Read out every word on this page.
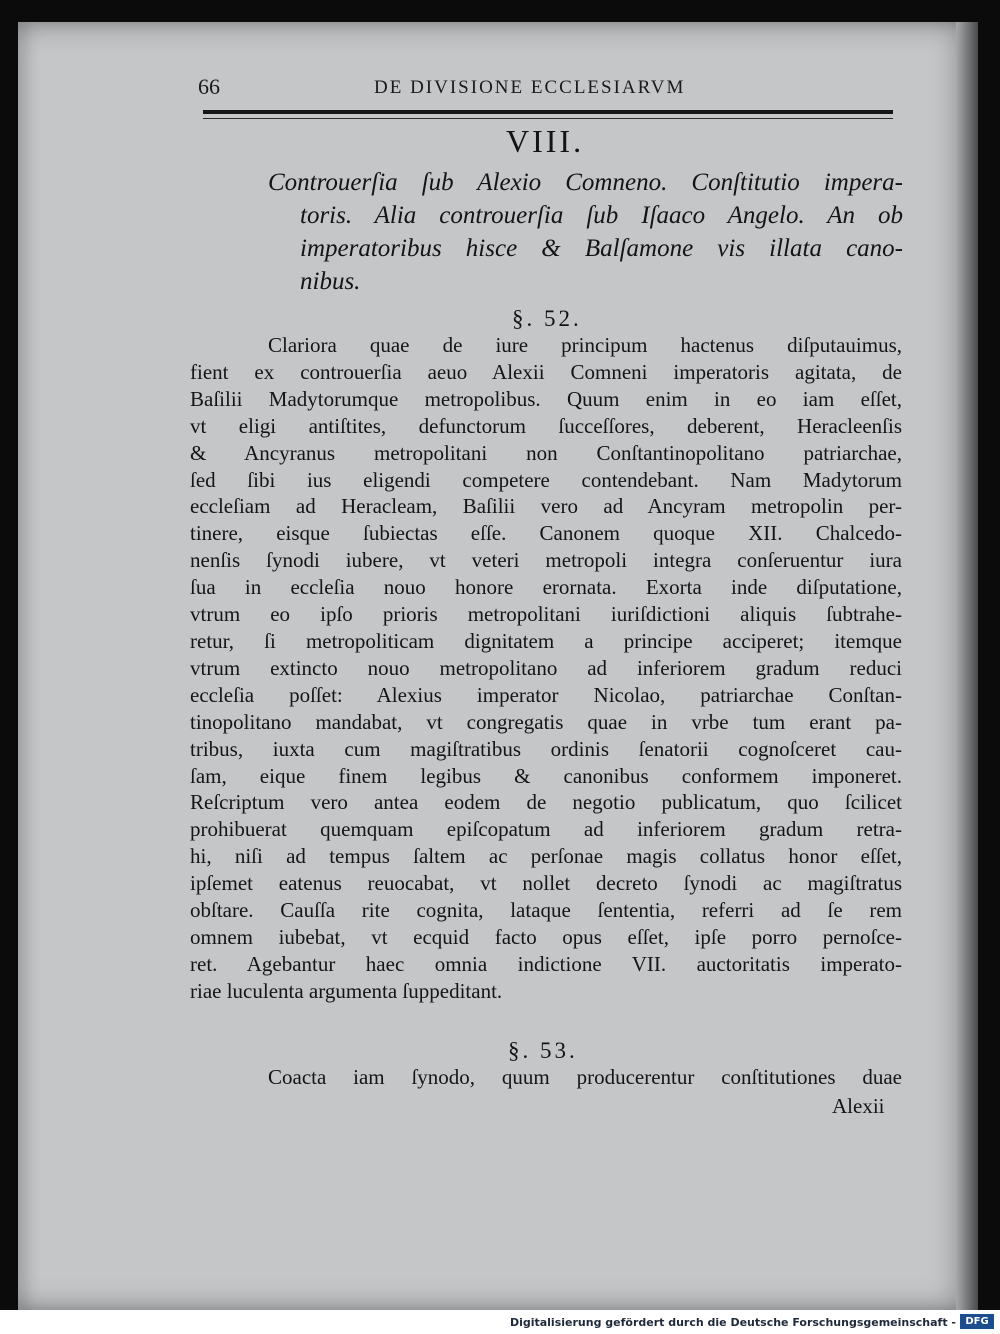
66	DE DIVISIONE ECCLESIARVM
VIII.
Controuerſia ſub Alexio Comneno. Conſtitutio impera-
toris. Alia controuerſia ſub Iſaaco Angelo. An ob
imperatoribus hisce & Balſamone vis illata cano-
nibus.
§. 52.
Clariora quae de iure principum hactenus diſputauimus,
fient ex controuerſia aeuo Alexii Comneni imperatoris agitata, de
Baſilii Madytorumque metropolibus. Quum enim in eo iam eſſet,
vt eligi antiſtites, defunctorum ſucceſſores, deberent, Heracleenſis
& Ancyranus metropolitani non Conſtantinopolitano patriarchae,
ſed ſibi ius eligendi competere contendebant. Nam Madytorum
eccleſiam ad Heracleam, Baſilii vero ad Ancyram metropolin per-
tinere, eisque ſubiectas eſſe. Canonem quoque XII. Chalcedo-
nenſis ſynodi iubere, vt veteri metropoli integra conſeruentur iura
ſua in eccleſia nouo honore erornata. Exorta inde diſputatione,
vtrum eo ipſo prioris metropolitani iuriſdictioni aliquis ſubtrahe-
retur, ſi metropoliticam dignitatem a principe acciperet; itemque
vtrum extincto nouo metropolitano ad inferiorem gradum reduci
eccleſia poſſet: Alexius imperator Nicolao, patriarchae Conſtan-
tinopolitano mandabat, vt congregatis quae in vrbe tum erant pa-
tribus, iuxta cum magiſtratibus ordinis ſenatorii cognoſceret cau-
ſam, eique finem legibus & canonibus conformem imponeret.
Reſcriptum vero antea eodem de negotio publicatum, quo ſcilicet
prohibuerat quemquam epiſcopatum ad inferiorem gradum retra-
hi, niſi ad tempus ſaltem ac perſonae magis collatus honor eſſet,
ipſemet eatenus reuocabat, vt nollet decreto ſynodi ac magiſtratus
obſtare. Cauſſa rite cognita, lataque ſententia, referri ad ſe rem
omnem iubebat, vt ecquid facto opus eſſet, ipſe porro pernoſce-
ret. Agebantur haec omnia indictione VII. auctoritatis imperato-
riae luculenta argumenta ſuppeditant.
§. 53.
Coacta iam ſynodo, quum producerentur conſtitutiones duae
Alexii
Digitalisierung gefördert durch die Deutsche Forschungsgemeinschaft - DFG
